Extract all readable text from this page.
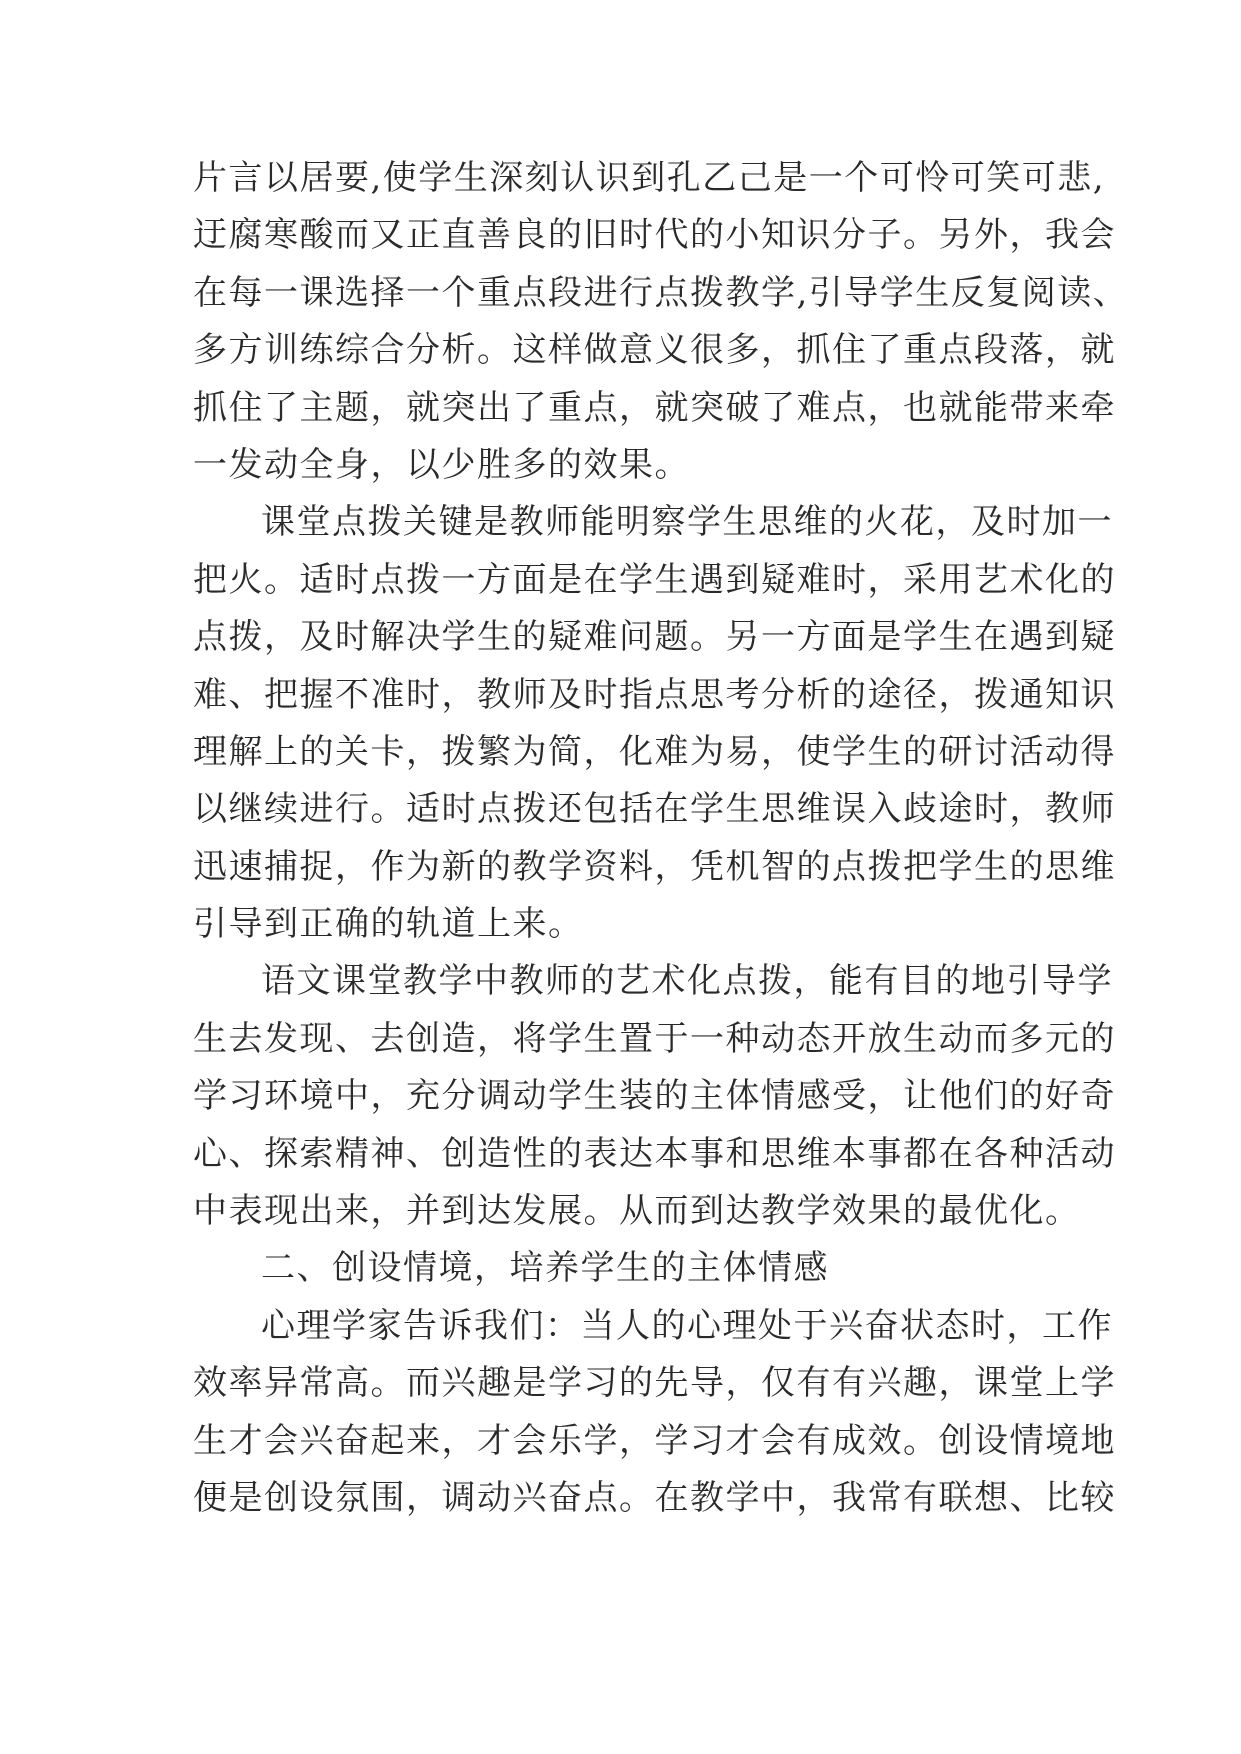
片言以居要,使学生深刻认识到孔乙己是一个可怜可笑可悲,
迂腐寒酸而又正直善良的旧时代的小知识分子。另外，我会
在每一课选择一个重点段进行点拨教学,引导学生反复阅读、
多方训练综合分析。这样做意义很多，抓住了重点段落，就
抓住了主题，就突出了重点，就突破了难点，也就能带来牵
一发动全身，以少胜多的效果。
课堂点拨关键是教师能明察学生思维的火花，及时加一
把火。适时点拨一方面是在学生遇到疑难时，采用艺术化的
点拨，及时解决学生的疑难问题。另一方面是学生在遇到疑
难、把握不准时，教师及时指点思考分析的途径，拨通知识
理解上的关卡，拨繁为简，化难为易，使学生的研讨活动得
以继续进行。适时点拨还包括在学生思维误入歧途时，教师
迅速捕捉，作为新的教学资料，凭机智的点拨把学生的思维
引导到正确的轨道上来。
语文课堂教学中教师的艺术化点拨，能有目的地引导学
生去发现、去创造，将学生置于一种动态开放生动而多元的
学习环境中，充分调动学生装的主体情感受，让他们的好奇
心、探索精神、创造性的表达本事和思维本事都在各种活动
中表现出来，并到达发展。从而到达教学效果的最优化。
二、创设情境，培养学生的主体情感
心理学家告诉我们：当人的心理处于兴奋状态时，工作
效率异常高。而兴趣是学习的先导，仅有有兴趣，课堂上学
生才会兴奋起来，才会乐学，学习才会有成效。创设情境地
便是创设氛围，调动兴奋点。在教学中，我常有联想、比较
